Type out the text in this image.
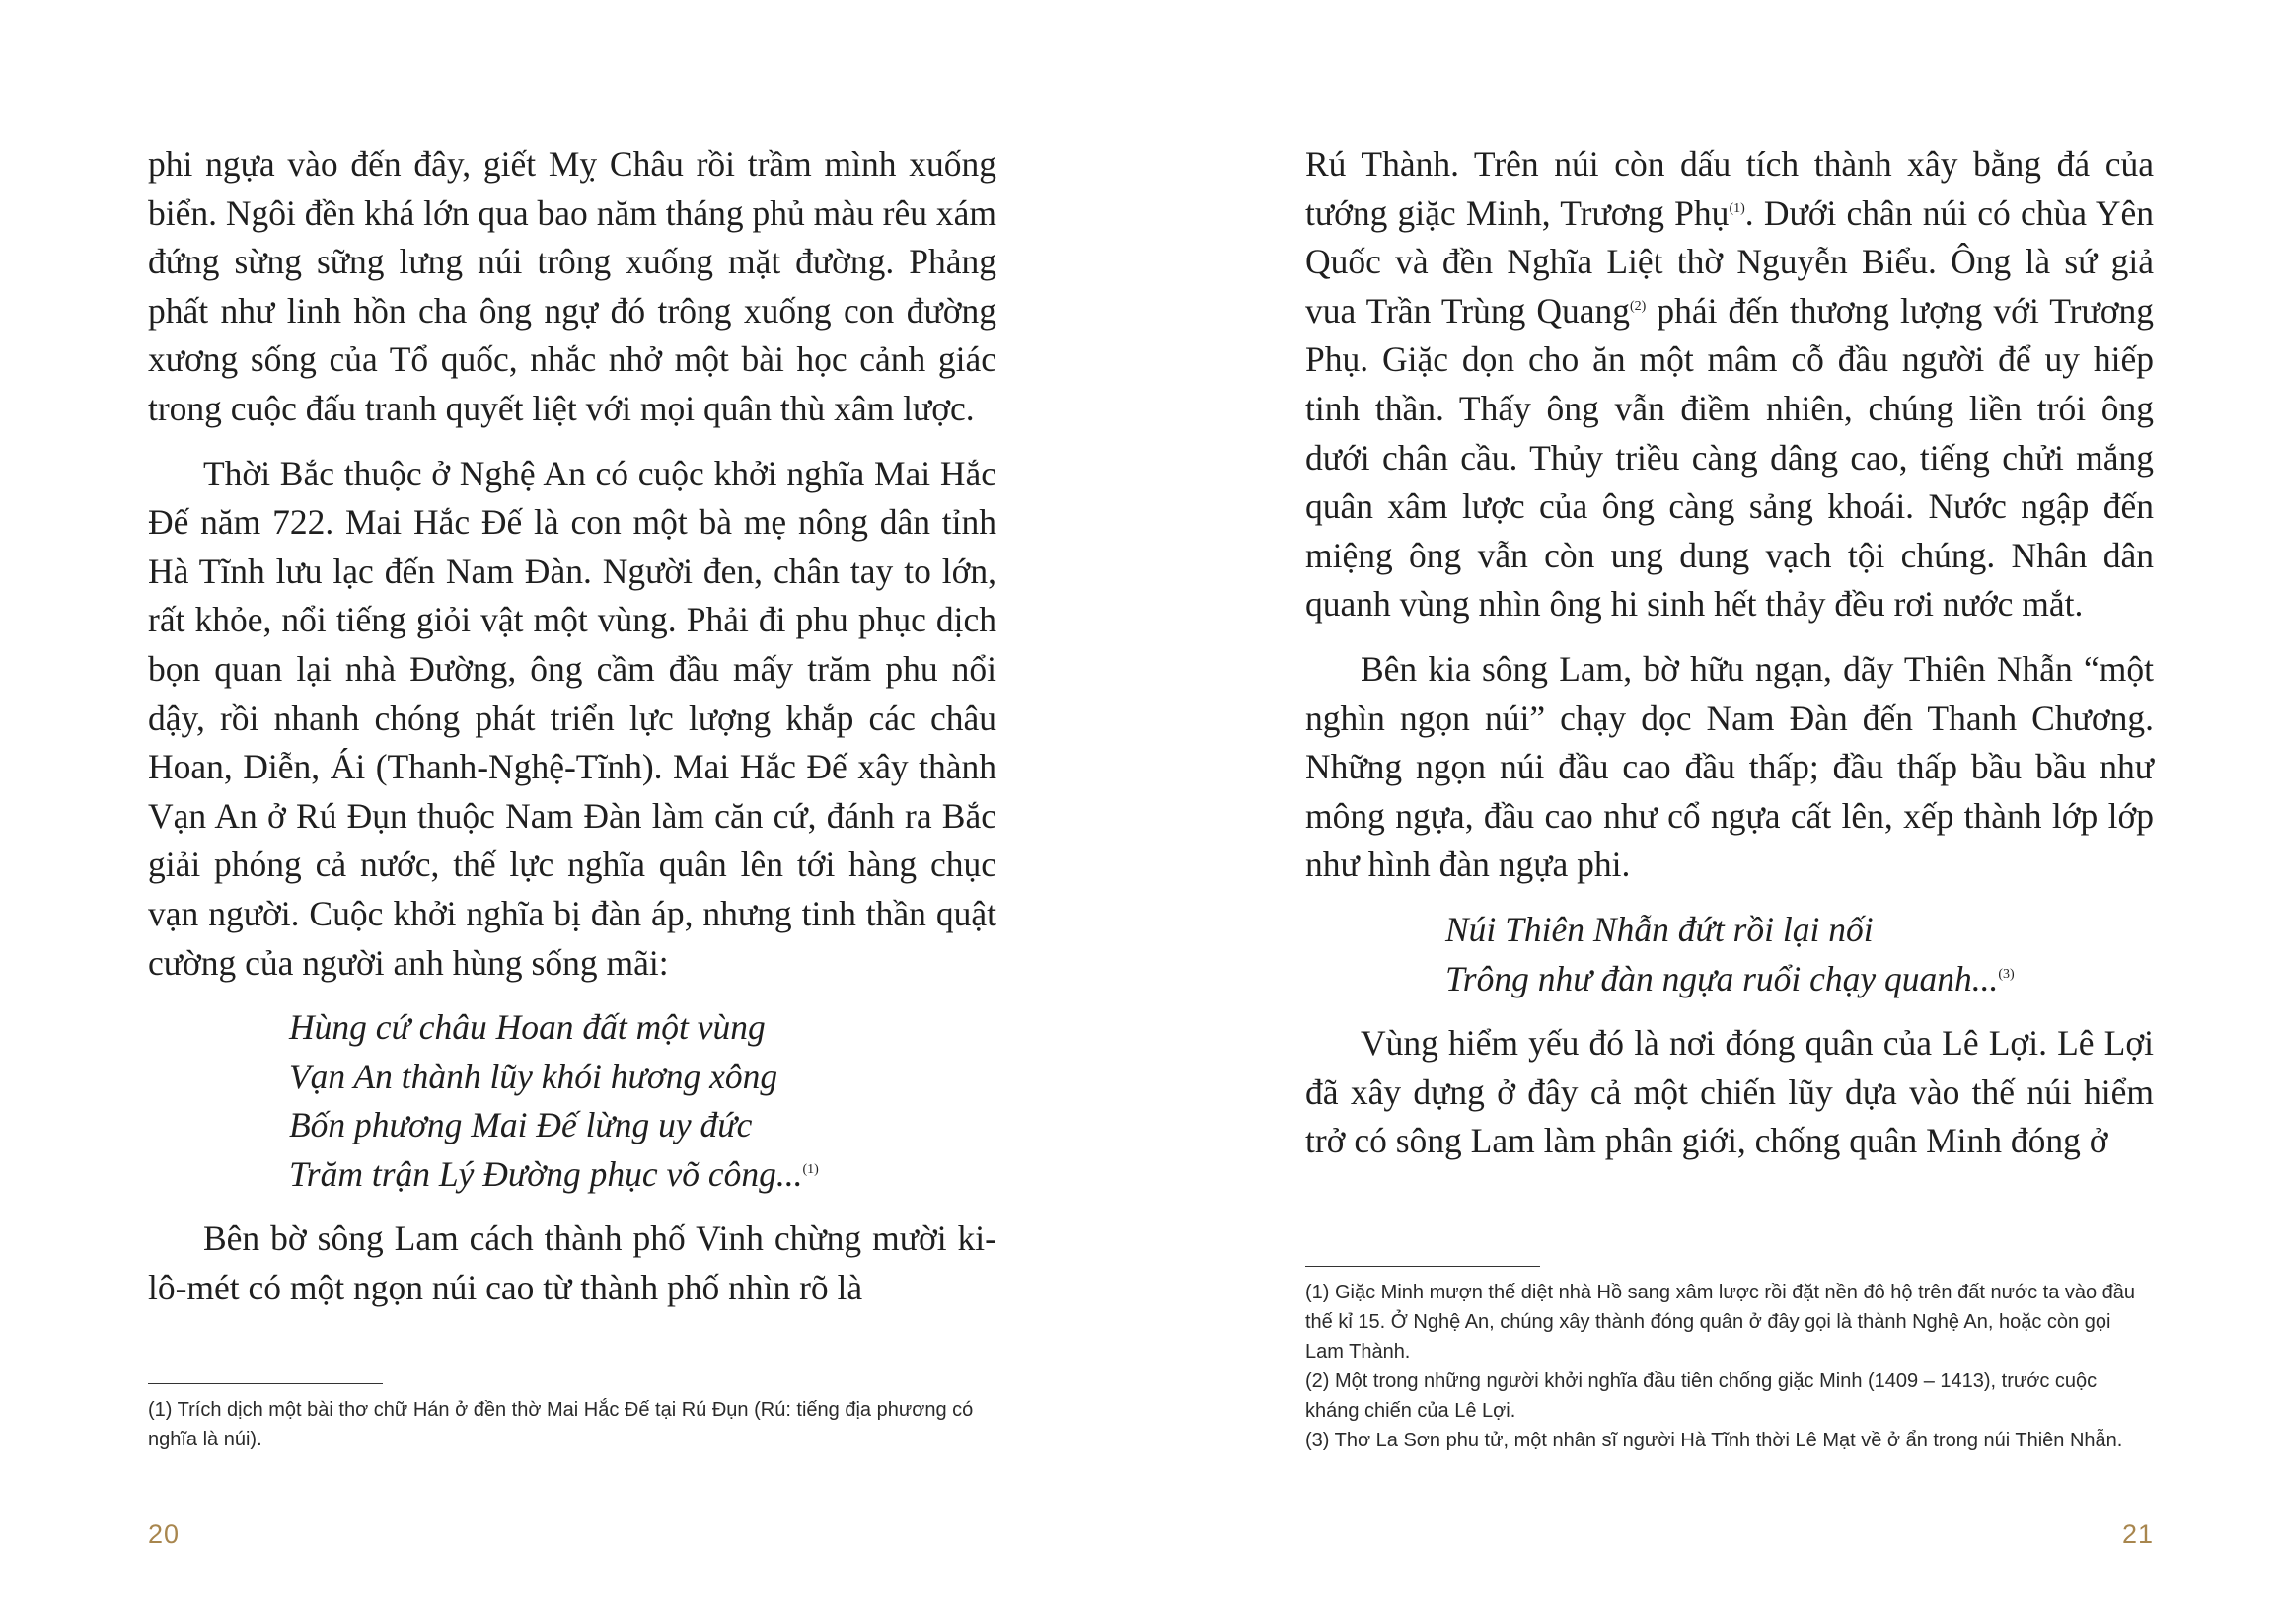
phi ngựa vào đến đây, giết Mỵ Châu rồi trầm mình xuống biển. Ngôi đền khá lớn qua bao năm tháng phủ màu rêu xám đứng sừng sững lưng núi trông xuống mặt đường. Phảng phất như linh hồn cha ông ngự đó trông xuống con đường xương sống của Tổ quốc, nhắc nhở một bài học cảnh giác trong cuộc đấu tranh quyết liệt với mọi quân thù xâm lược.

Thời Bắc thuộc ở Nghệ An có cuộc khởi nghĩa Mai Hắc Đế năm 722. Mai Hắc Đế là con một bà mẹ nông dân tỉnh Hà Tĩnh lưu lạc đến Nam Đàn. Người đen, chân tay to lớn, rất khỏe, nổi tiếng giỏi vật một vùng. Phải đi phu phục dịch bọn quan lại nhà Đường, ông cầm đầu mấy trăm phu nổi dậy, rồi nhanh chóng phát triển lực lượng khắp các châu Hoan, Diễn, Ái (Thanh-Nghệ-Tĩnh). Mai Hắc Đế xây thành Vạn An ở Rú Đụn thuộc Nam Đàn làm căn cứ, đánh ra Bắc giải phóng cả nước, thế lực nghĩa quân lên tới hàng chục vạn người. Cuộc khởi nghĩa bị đàn áp, nhưng tinh thần quật cường của người anh hùng sống mãi:

Hùng cứ châu Hoan đất một vùng
Vạn An thành lũy khói hương xông
Bốn phương Mai Đế lừng uy đức
Trăm trận Lý Đường phục võ công...$^{(1)}$

Bên bờ sông Lam cách thành phố Vinh chừng mười ki-lô-mét có một ngọn núi cao từ thành phố nhìn rõ là

(1) Trích dịch một bài thơ chữ Hán ở đền thờ Mai Hắc Đế tại Rú Đụn (Rú: tiếng địa phương có nghĩa là núi).

20

Rú Thành. Trên núi còn dấu tích thành xây bằng đá của tướng giặc Minh, Trương Phụ$^{(1)}$. Dưới chân núi có chùa Yên Quốc và đền Nghĩa Liệt thờ Nguyễn Biểu. Ông là sứ giả vua Trần Trùng Quang$^{(2)}$ phái đến thương lượng với Trương Phụ. Giặc dọn cho ăn một mâm cỗ đầu người để uy hiếp tinh thần. Thấy ông vẫn điềm nhiên, chúng liền trói ông dưới chân cầu. Thủy triều càng dâng cao, tiếng chửi mắng quân xâm lược của ông càng sảng khoái. Nước ngập đến miệng ông vẫn còn ung dung vạch tội chúng. Nhân dân quanh vùng nhìn ông hi sinh hết thảy đều rơi nước mắt.

Bên kia sông Lam, bờ hữu ngạn, dãy Thiên Nhẫn “một nghìn ngọn núi” chạy dọc Nam Đàn đến Thanh Chương. Những ngọn núi đầu cao đầu thấp; đầu thấp bầu bầu như mông ngựa, đầu cao như cổ ngựa cất lên, xếp thành lớp lớp như hình đàn ngựa phi.

Núi Thiên Nhẫn đứt rồi lại nối
Trông như đàn ngựa ruổi chạy quanh...$^{(3)}$

Vùng hiểm yếu đó là nơi đóng quân của Lê Lợi. Lê Lợi đã xây dựng ở đây cả một chiến lũy dựa vào thế núi hiểm trở có sông Lam làm phân giới, chống quân Minh đóng ở

(1) Giặc Minh mượn thế diệt nhà Hồ sang xâm lược rồi đặt nền đô hộ trên đất nước ta vào đầu thế kỉ 15. Ở Nghệ An, chúng xây thành đóng quân ở đây gọi là thành Nghệ An, hoặc còn gọi Lam Thành.

(2) Một trong những người khởi nghĩa đầu tiên chống giặc Minh (1409 – 1413), trước cuộc kháng chiến của Lê Lợi.

(3) Thơ La Sơn phu tử, một nhân sĩ người Hà Tĩnh thời Lê Mạt về ở ẩn trong núi Thiên Nhẫn.

21
